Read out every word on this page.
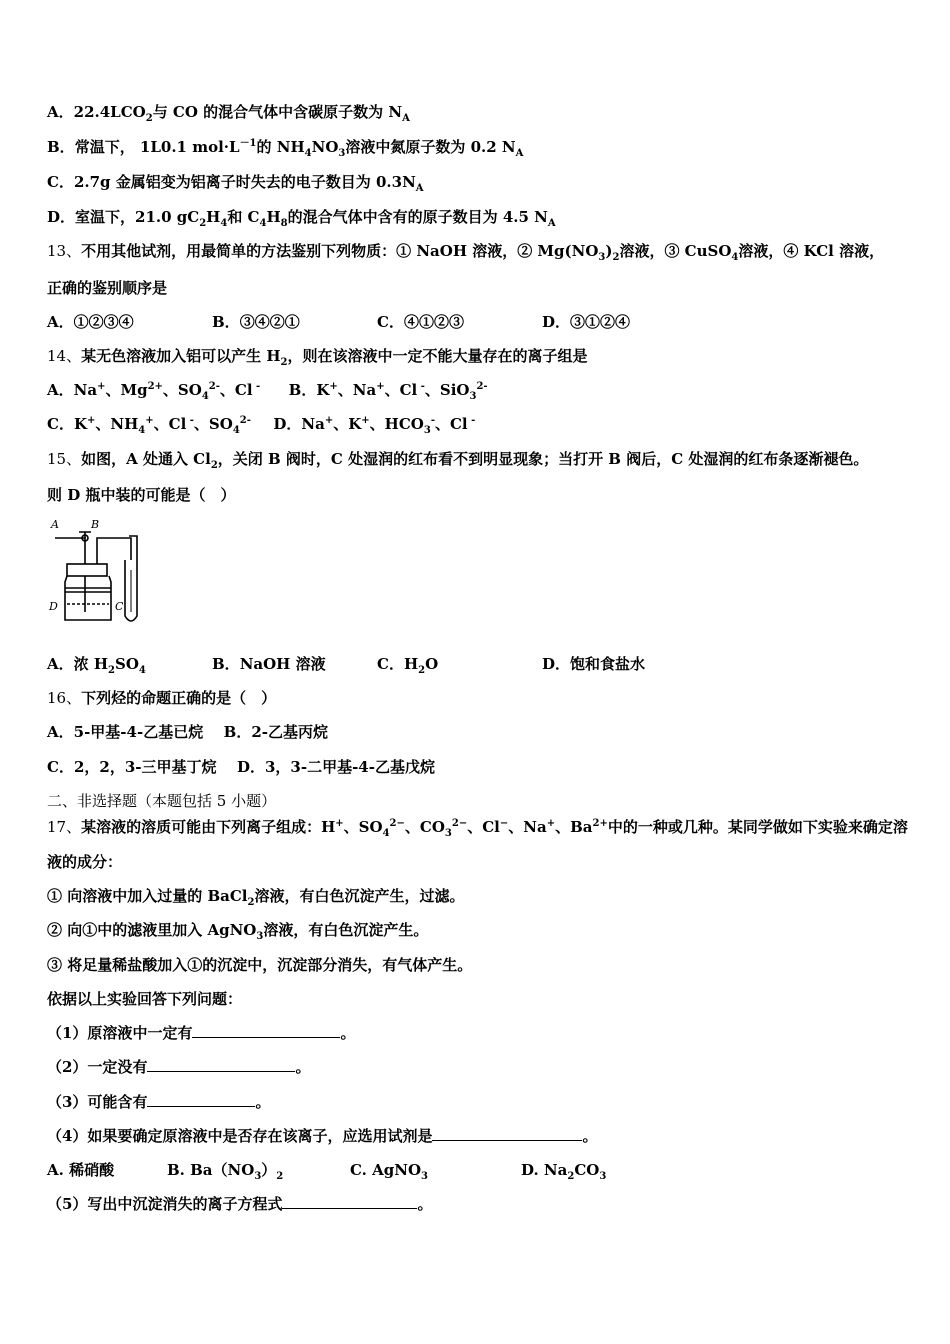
A．$22.4LCO_2$与 CO 的混合气体中含碳原子数为 $N_A$
B．常温下， 1L0.1 $mol\cdot L^{-1}$的 $NH_4NO_3$溶液中氮原子数为 0.2 $N_A$
C．2.7g 金属铝变为铝离子时失去的电子数目为 $0.3N_A$
D．室温下，21.0 $gC_2H_4$和 $C_4H_8$的混合气体中含有的原子数目为 4.5 $N_A$
13、不用其他试剂，用最简单的方法鉴别下列物质：① NaOH 溶液，② $Mg(NO_3)_2$溶液，③ CuSO$_4$溶液，④ KCl 溶液，
正确的鉴别顺序是
A．①②③④	B．③④②①	C．④①②③	D．③①②④
14、某无色溶液加入铝可以产生 $H_2$，则在该溶液中一定不能大量存在的离子组是
A．Na+、$Mg^{2+}$、$SO_4^{2-}$、Cl - B．K+、Na+、Cl -、SiO$_3^{2-}$
C．K+、$NH_4^+$、Cl -、$SO_4^{2-}$ D．Na+、K+、$HCO_3^-$、Cl -
15、如图，A 处通入 $Cl_2$，关闭 B 阀时，C 处湿润的红布看不到明显现象；当打开 B 阀后，C 处湿润的红布条逐渐褪色。
则 D 瓶中装的可能是（　）
A	B
D	C
A．浓 $H_2SO_4$	B．NaOH 溶液	C．$H_2O$	D．饱和食盐水
16、下列烃的命题正确的是（　）
A．5-甲基-4-乙基已烷 B．2-乙基丙烷
C．2，2，3-三甲基丁烷 D．3，3-二甲基-4-乙基戊烷
二、非选择题（本题包括 5 小题）
17、某溶液的溶质可能由下列离子组成：H+、$SO_4^{2-}$、$CO_3^{2-}$、Cl−、Na+、$Ba^{2+}$中的一种或几种。某同学做如下实验来确定溶
液的成分：
① 向溶液中加入过量的 BaCl$_2$溶液，有白色沉淀产生，过滤。
② 向①中的滤液里加入 AgNO$_3$溶液，有白色沉淀产生。
③ 将足量稀盐酸加入①的沉淀中，沉淀部分消失，有气体产生。
依据以上实验回答下列问题：
（1）原溶液中一定有	。
（2）一定没有	。
（3）可能含有	。
（4）如果要确定原溶液中是否存在该离子，应选用试剂是	。
A. 稀硝酸	B. $Ba(NO_3)_2$	C. AgNO$_3$	D. $Na_2CO_3$
（5）写出中沉淀消失的离子方程式	。
